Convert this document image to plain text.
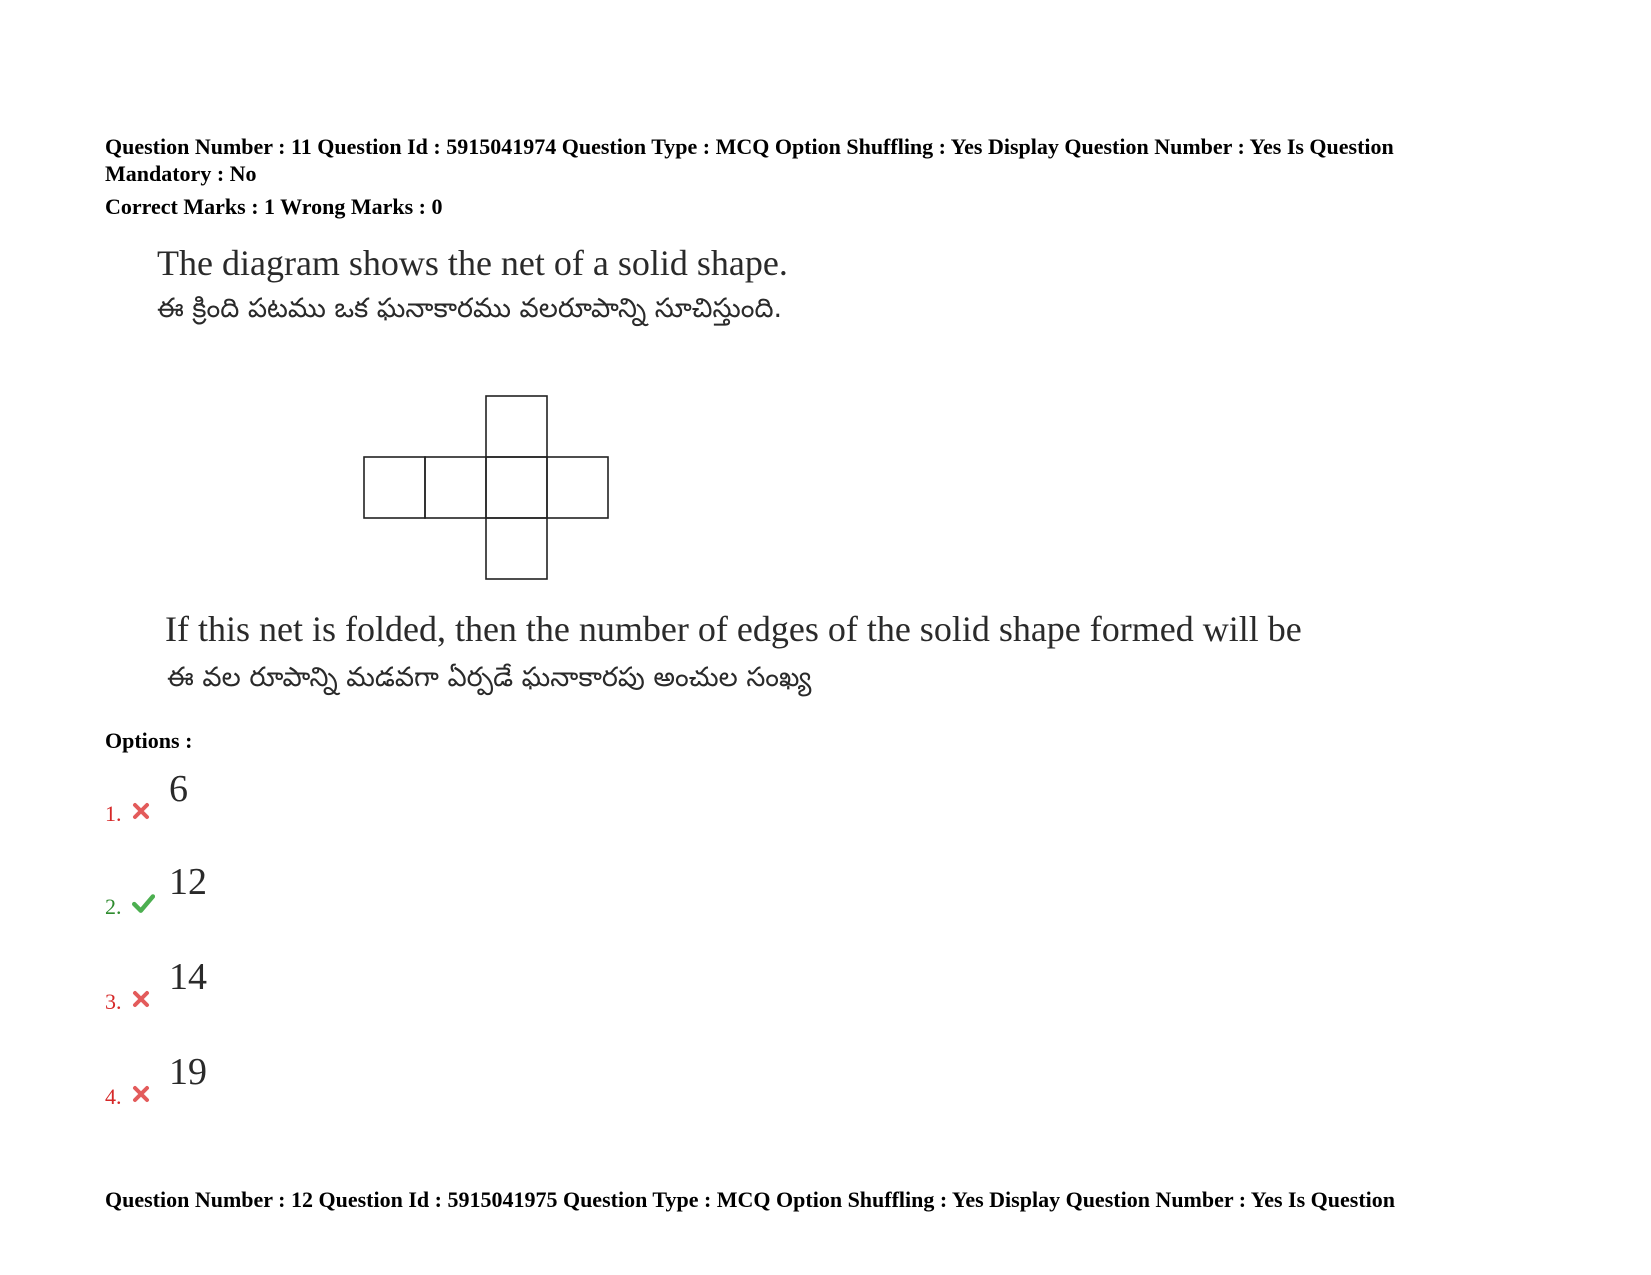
Question Number : 11 Question Id : 5915041974 Question Type : MCQ Option Shuffling : Yes Display Question Number : Yes Is Question
Mandatory : No
Correct Marks : 1 Wrong Marks : 0
The diagram shows the net of a solid shape.
ఈ క్రింది పటము ఒక ఘనాకారము వలరూపాన్ని సూచిస్తుంది.
If this net is folded, then the number of edges of the solid shape formed will be
ఈ వల రూపాన్ని మడవగా ఏర్పడే ఘనాకారపు అంచుల సంఖ్య
Options :
1.
6
2.
12
3.
14
4.
19
Question Number : 12 Question Id : 5915041975 Question Type : MCQ Option Shuffling : Yes Display Question Number : Yes Is Question
